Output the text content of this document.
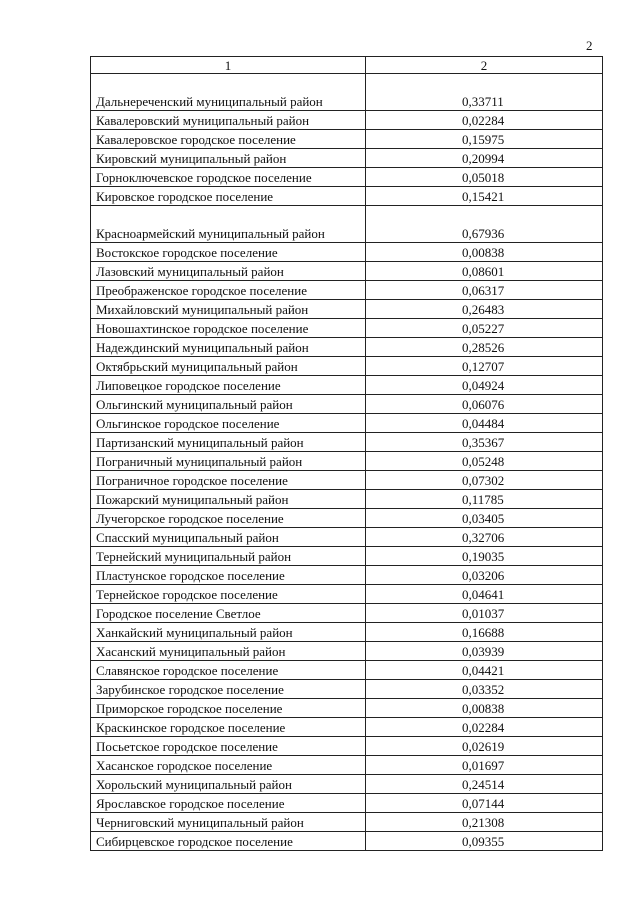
2
1	2
Дальнереченский муниципальный район	0,33711
Кавалеровский муниципальный район	0,02284
Кавалеровское городское поселение	0,15975
Кировский муниципальный район	0,20994
Горноключевское городское поселение	0,05018
Кировское городское поселение	0,15421
Красноармейский муниципальный район	0,67936
Востокское городское поселение	0,00838
Лазовский муниципальный район	0,08601
Преображенское городское поселение	0,06317
Михайловский муниципальный район	0,26483
Новошахтинское городское поселение	0,05227
Надеждинский муниципальный район	0,28526
Октябрьский муниципальный район	0,12707
Липовецкое городское поселение	0,04924
Ольгинский муниципальный район	0,06076
Ольгинское городское поселение	0,04484
Партизанский муниципальный район	0,35367
Пограничный муниципальный район	0,05248
Пограничное городское поселение	0,07302
Пожарский муниципальный район	0,11785
Лучегорское городское поселение	0,03405
Спасский муниципальный район	0,32706
Тернейский муниципальный район	0,19035
Пластунское городское поселение	0,03206
Тернейское городское поселение	0,04641
Городское поселение Светлое	0,01037
Ханкайский муниципальный район	0,16688
Хасанский муниципальный район	0,03939
Славянское городское поселение	0,04421
Зарубинское городское поселение	0,03352
Приморское городское поселение	0,00838
Краскинское городское поселение	0,02284
Посьетское городское поселение	0,02619
Хасанское городское поселение	0,01697
Хорольский муниципальный район	0,24514
Ярославское городское поселение	0,07144
Черниговский муниципальный район	0,21308
Сибирцевское городское поселение	0,09355
